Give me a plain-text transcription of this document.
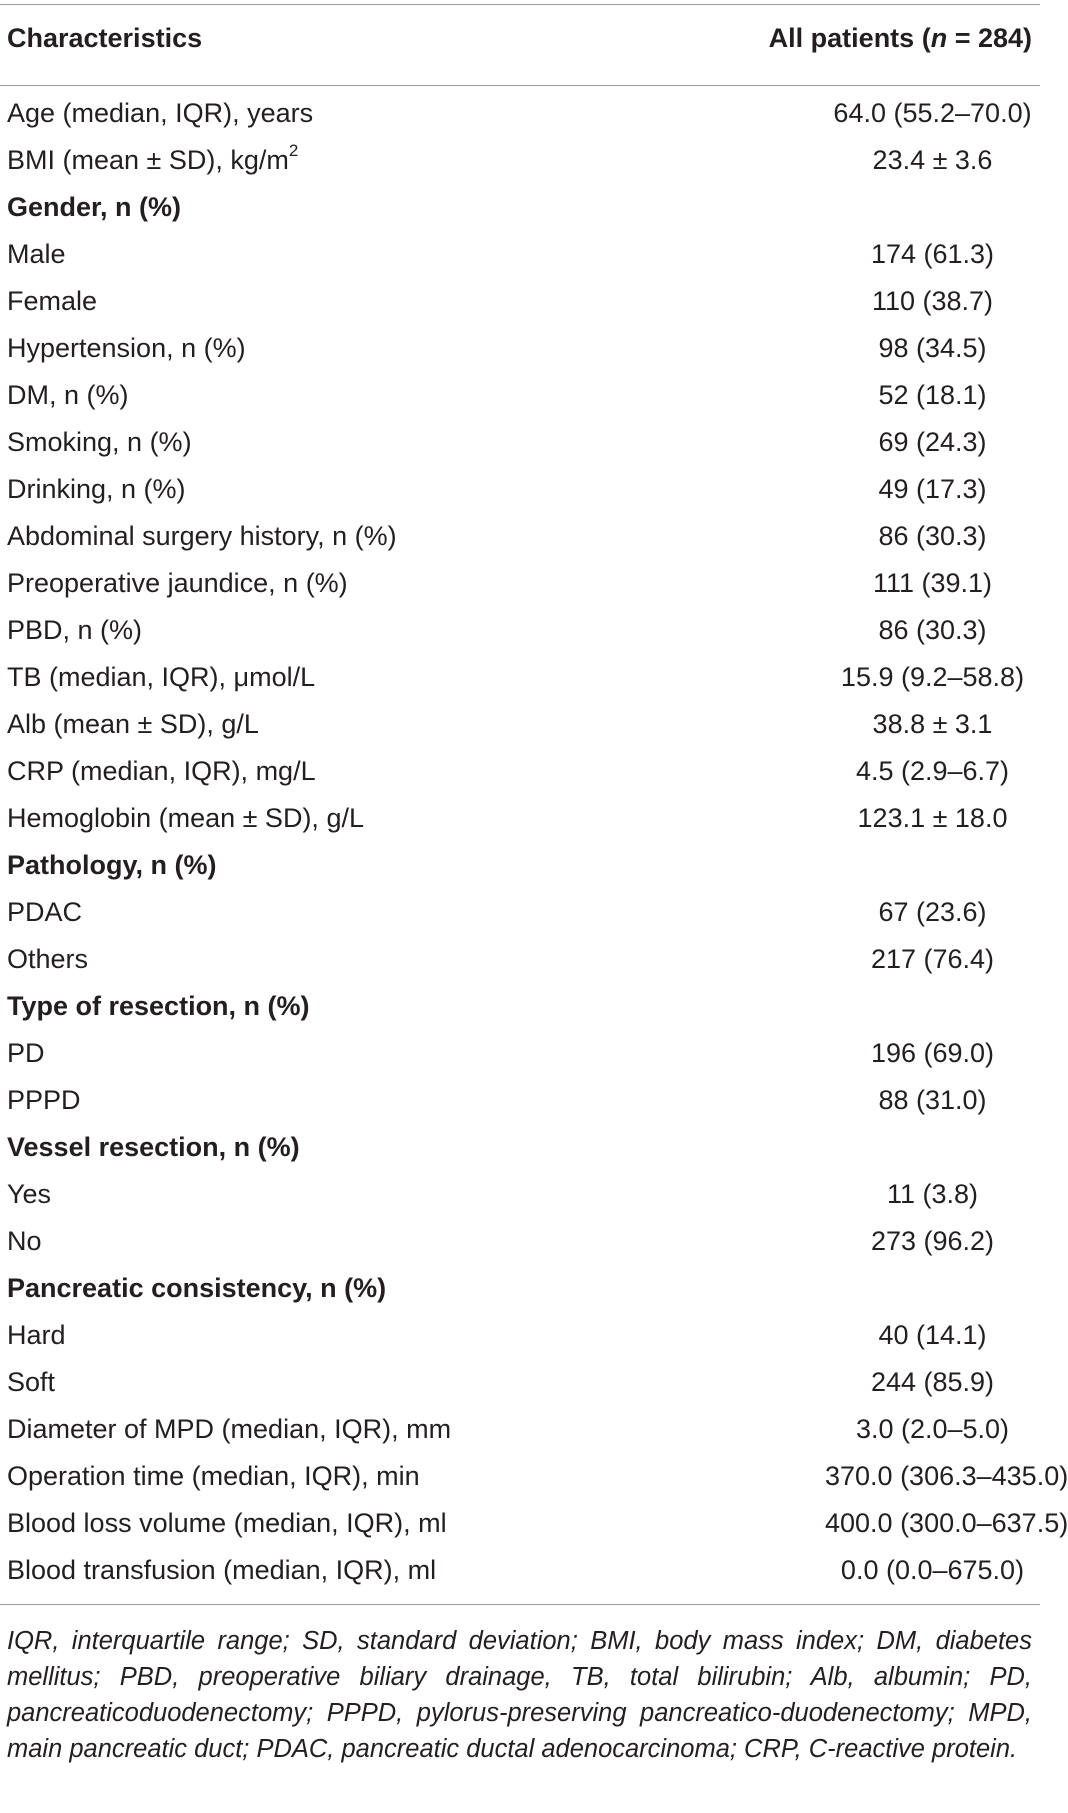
Characteristics	All patients (n = 284)
Age (median, IQR), years	64.0 (55.2–70.0)
BMI (mean ± SD), $kg/m^2$	23.4 ± 3.6
Gender, n (%)	
Male	174 (61.3)
Female	110 (38.7)
Hypertension, n (%)	98 (34.5)
DM, n (%)	52 (18.1)
Smoking, n (%)	69 (24.3)
Drinking, n (%)	49 (17.3)
Abdominal surgery history, n (%)	86 (30.3)
Preoperative jaundice, n (%)	111 (39.1)
PBD, n (%)	86 (30.3)
TB (median, IQR), μmol/L	15.9 (9.2–58.8)
Alb (mean ± SD), g/L	38.8 ± 3.1
CRP (median, IQR), mg/L	4.5 (2.9–6.7)
Hemoglobin (mean ± SD), g/L	123.1 ± 18.0
Pathology, n (%)	
PDAC	67 (23.6)
Others	217 (76.4)
Type of resection, n (%)	
PD	196 (69.0)
PPPD	88 (31.0)
Vessel resection, n (%)	
Yes	11 (3.8)
No	273 (96.2)
Pancreatic consistency, n (%)	
Hard	40 (14.1)
Soft	244 (85.9)
Diameter of MPD (median, IQR), mm	3.0 (2.0–5.0)
Operation time (median, IQR), min	370.0 (306.3–435.0)
Blood loss volume (median, IQR), ml	400.0 (300.0–637.5)
Blood transfusion (median, IQR), ml	0.0 (0.0–675.0)
IQR, interquartile range; SD, standard deviation; BMI, body mass index; DM, diabetes mellitus; PBD, preoperative biliary drainage, TB, total bilirubin; Alb, albumin; PD, pancreaticoduodenectomy; PPPD, pylorus-preserving pancreatico-duodenectomy; MPD, main pancreatic duct; PDAC, pancreatic ductal adenocarcinoma; CRP, C-reactive protein.
